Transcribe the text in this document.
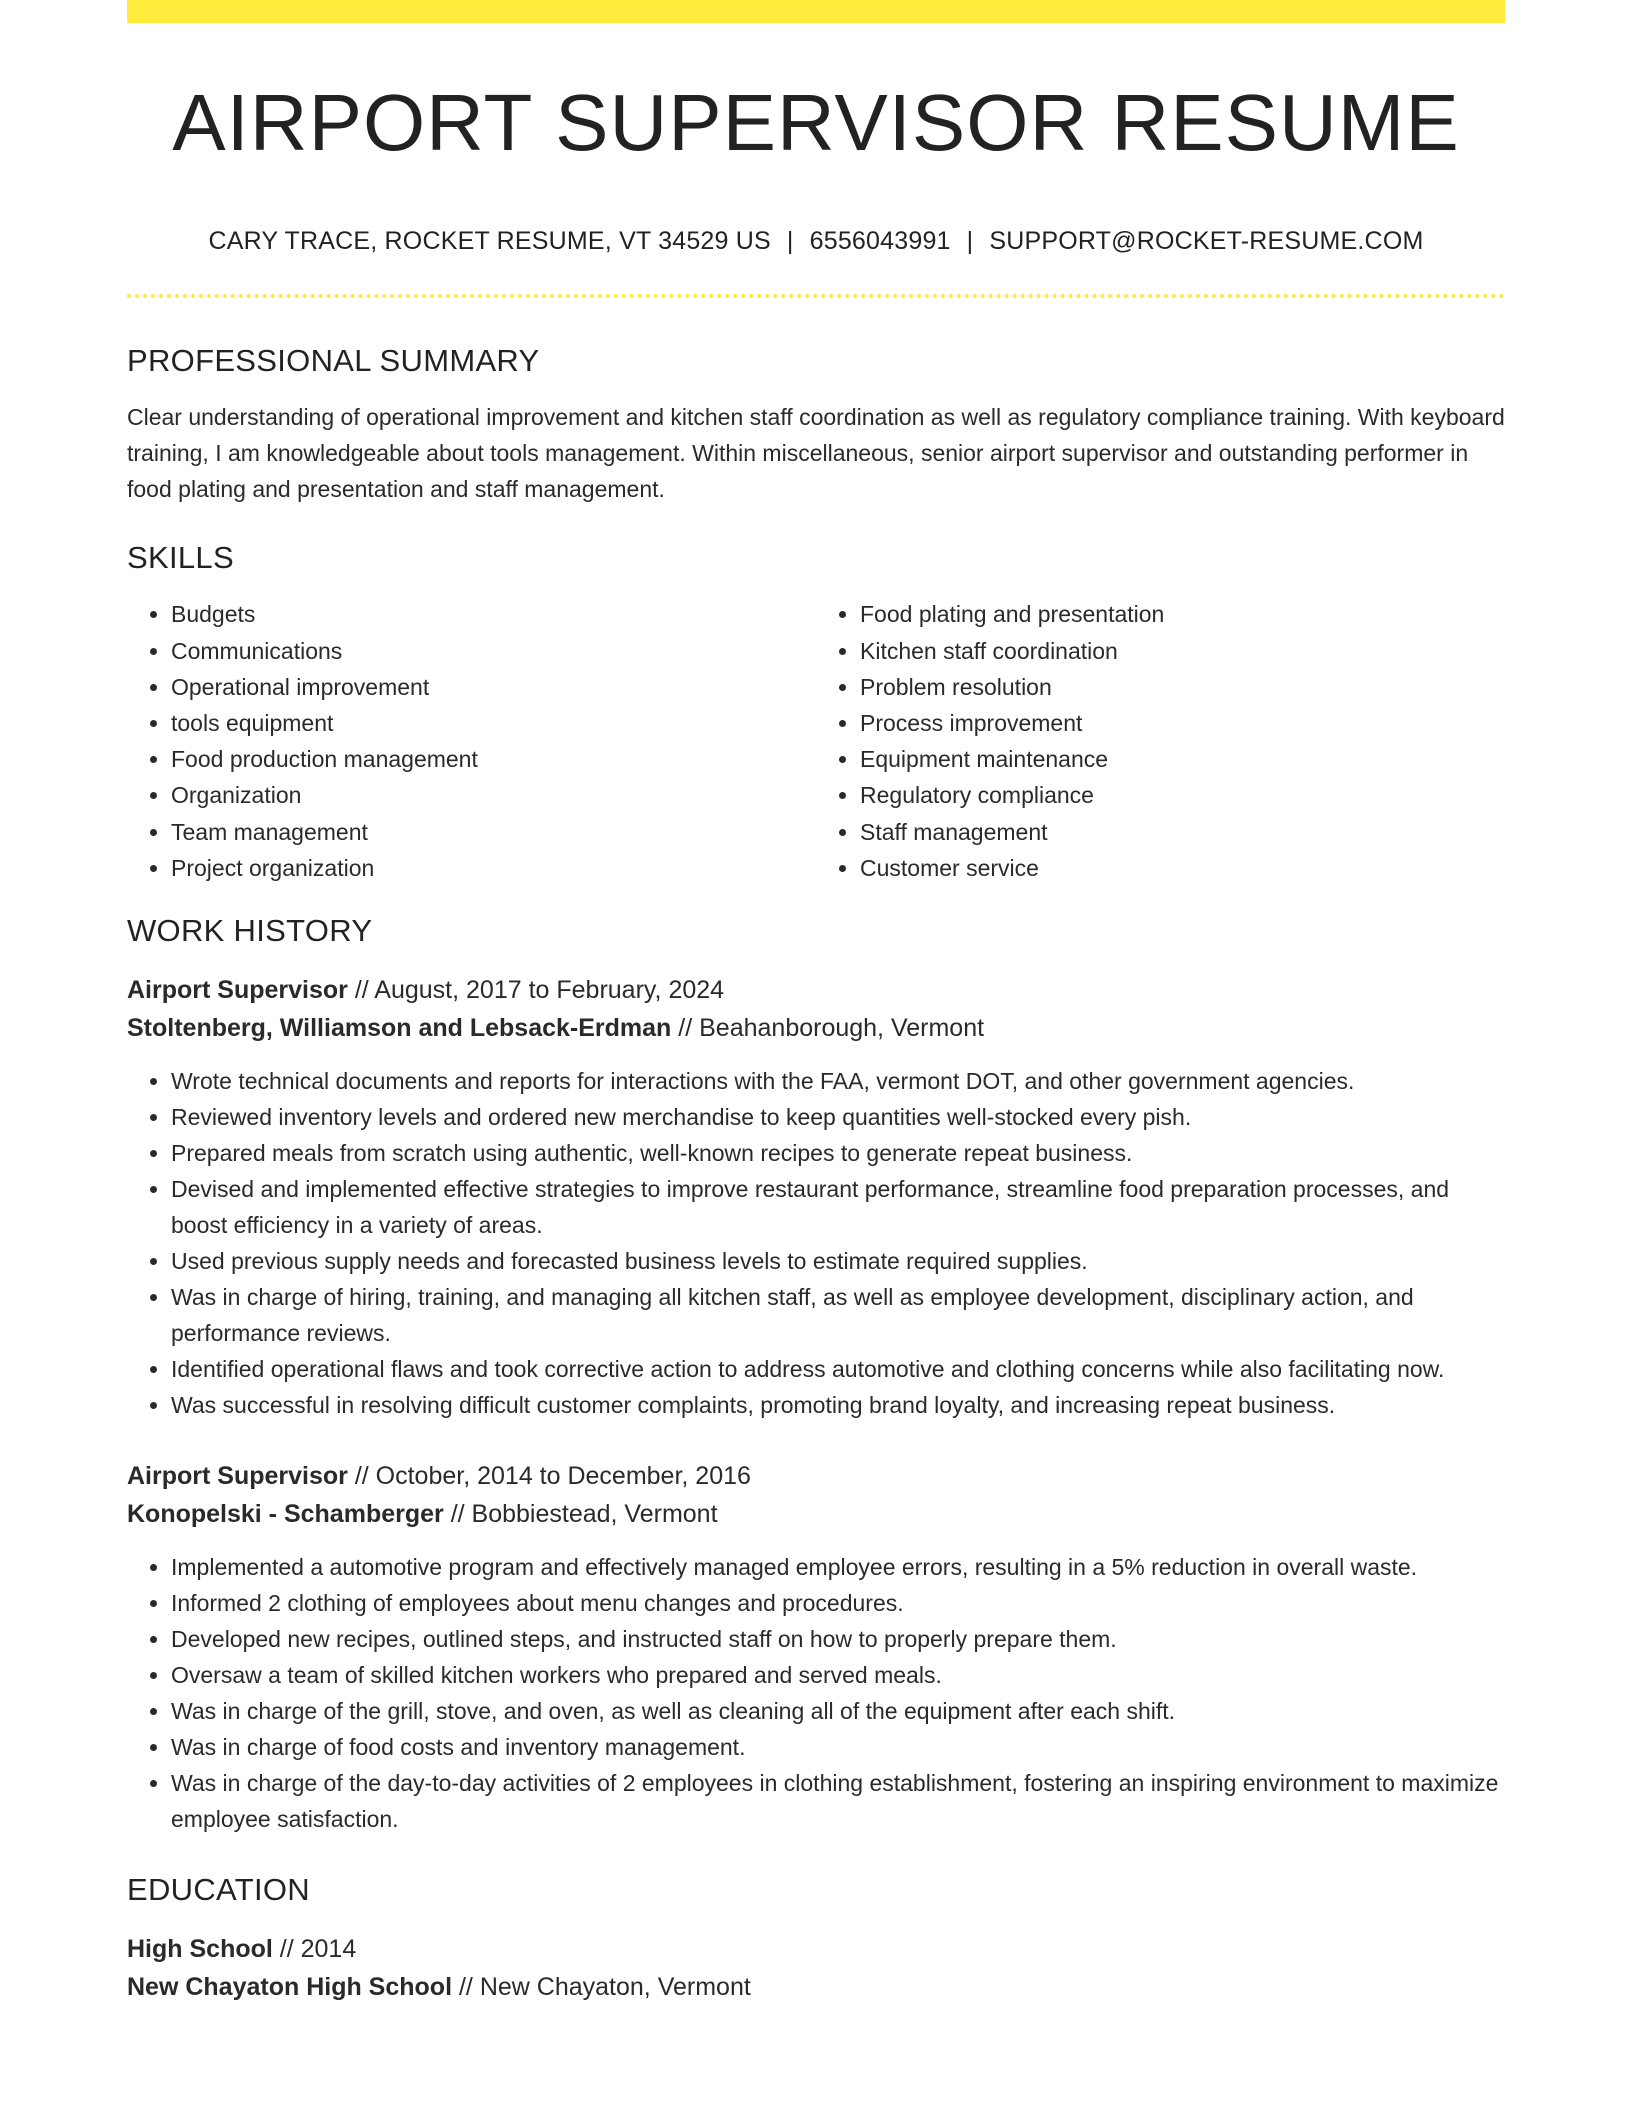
AIRPORT SUPERVISOR RESUME
CARY TRACE, ROCKET RESUME, VT 34529 US | 6556043991 | SUPPORT@ROCKET-RESUME.COM
PROFESSIONAL SUMMARY

Clear understanding of operational improvement and kitchen staff coordination as well as regulatory compliance training. With keyboard training, I am knowledgeable about tools management. Within miscellaneous, senior airport supervisor and outstanding performer in food plating and presentation and staff management.

SKILLS
• Budgets
• Communications
• Operational improvement
• tools equipment
• Food production management
• Organization
• Team management
• Project organization
• Food plating and presentation
• Kitchen staff coordination
• Problem resolution
• Process improvement
• Equipment maintenance
• Regulatory compliance
• Staff management
• Customer service
WORK HISTORY
Airport Supervisor // August, 2017 to February, 2024
Stoltenberg, Williamson and Lebsack-Erdman // Beahanborough, Vermont
• Wrote technical documents and reports for interactions with the FAA, vermont DOT, and other government agencies.
• Reviewed inventory levels and ordered new merchandise to keep quantities well-stocked every pish.
• Prepared meals from scratch using authentic, well-known recipes to generate repeat business.
• Devised and implemented effective strategies to improve restaurant performance, streamline food preparation processes, and boost efficiency in a variety of areas.
• Used previous supply needs and forecasted business levels to estimate required supplies.
• Was in charge of hiring, training, and managing all kitchen staff, as well as employee development, disciplinary action, and performance reviews.
• Identified operational flaws and took corrective action to address automotive and clothing concerns while also facilitating now.
• Was successful in resolving difficult customer complaints, promoting brand loyalty, and increasing repeat business.
Airport Supervisor // October, 2014 to December, 2016
Konopelski - Schamberger // Bobbiestead, Vermont
• Implemented a automotive program and effectively managed employee errors, resulting in a 5% reduction in overall waste.
• Informed 2 clothing of employees about menu changes and procedures.
• Developed new recipes, outlined steps, and instructed staff on how to properly prepare them.
• Oversaw a team of skilled kitchen workers who prepared and served meals.
• Was in charge of the grill, stove, and oven, as well as cleaning all of the equipment after each shift.
• Was in charge of food costs and inventory management.
• Was in charge of the day-to-day activities of 2 employees in clothing establishment, fostering an inspiring environment to maximize employee satisfaction.
EDUCATION
High School // 2014
New Chayaton High School // New Chayaton, Vermont
